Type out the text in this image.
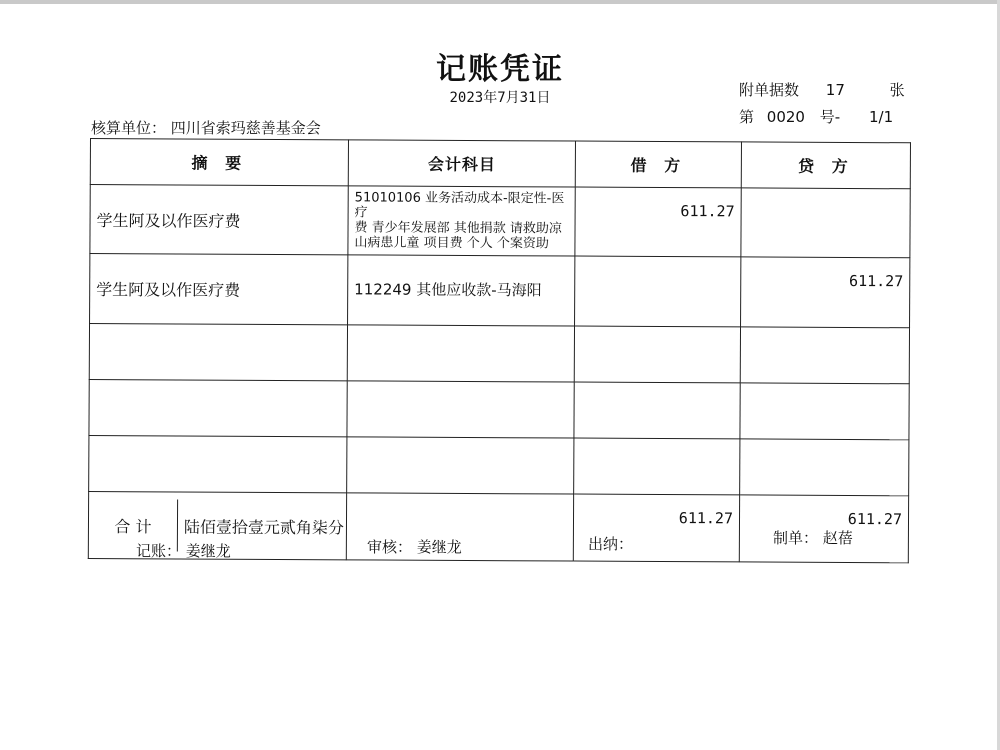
记账凭证
2023年7月31日	附单据数 17	张
第 0020 号- 1/1
核算单位： 四川省索玛慈善基金会
摘 要	会计科目	借 方	贷 方
学生阿及以作医疗费	51010106 业务活动成本-限定性-医疗
费 青少年发展部 其他捐款 请救助凉
山病患儿童 项目费 个人 个案资助	611.27	
学生阿及以作医疗费	112249 其他应收款-马海阳		611.27

合 计 陆佰壹拾壹元贰角柒分		611.27	611.27
记账： 姜继龙	审核： 姜继龙	出纳：	制单： 赵蓓
